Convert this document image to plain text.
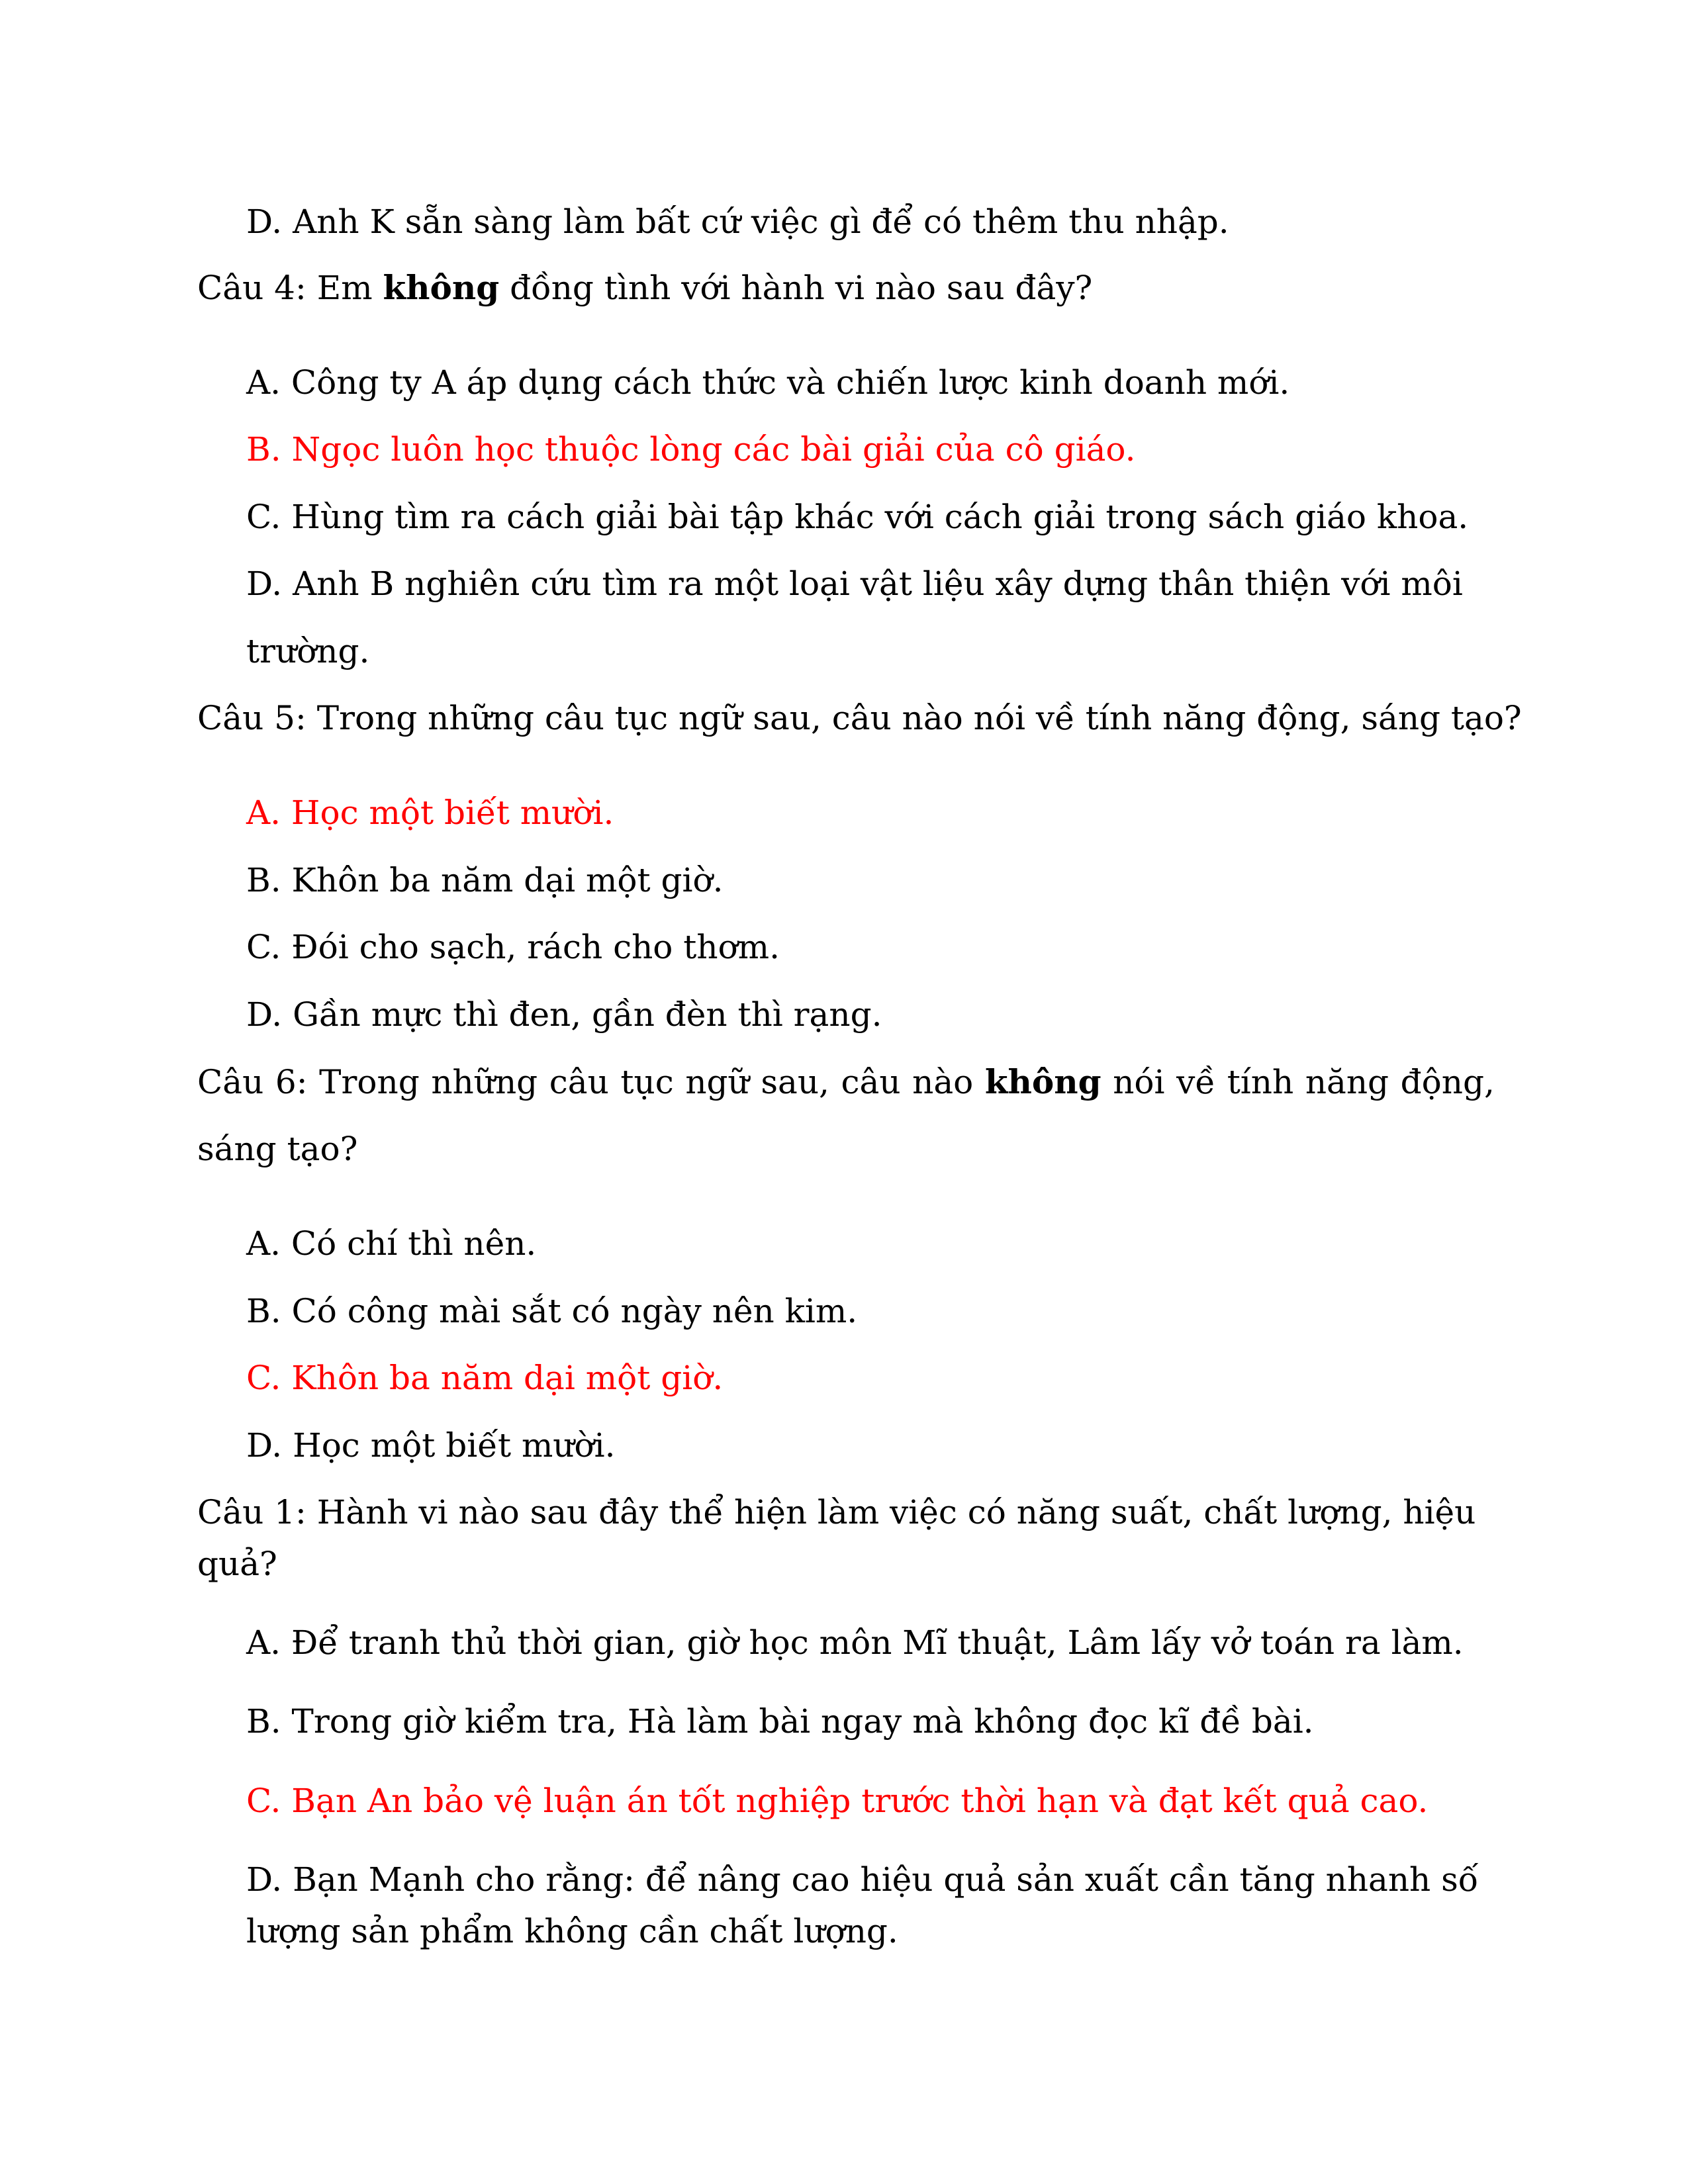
D. Anh K sẵn sàng làm bất cứ việc gì để có thêm thu nhập.
Câu 4: Em không đồng tình với hành vi nào sau đây?
A. Công ty A áp dụng cách thức và chiến lược kinh doanh mới.
B. Ngọc luôn học thuộc lòng các bài giải của cô giáo.
C. Hùng tìm ra cách giải bài tập khác với cách giải trong sách giáo khoa.
D. Anh B nghiên cứu tìm ra một loại vật liệu xây dựng thân thiện với môi
trường.
Câu 5: Trong những câu tục ngữ sau, câu nào nói về tính năng động, sáng tạo?
A. Học một biết mười.
B. Khôn ba năm dại một giờ.
C. Đói cho sạch, rách cho thơm.
D. Gần mực thì đen, gần đèn thì rạng.
Câu 6: Trong những câu tục ngữ sau, câu nào không nói về tính năng động,
sáng tạo?
A. Có chí thì nên.
B. Có công mài sắt có ngày nên kim.
C. Khôn ba năm dại một giờ.
D. Học một biết mười.
Câu 1: Hành vi nào sau đây thể hiện làm việc có năng suất, chất lượng, hiệu
quả?
A. Để tranh thủ thời gian, giờ học môn Mĩ thuật, Lâm lấy vở toán ra làm.
B. Trong giờ kiểm tra, Hà làm bài ngay mà không đọc kĩ đề bài.
C. Bạn An bảo vệ luận án tốt nghiệp trước thời hạn và đạt kết quả cao.
D. Bạn Mạnh cho rằng: để nâng cao hiệu quả sản xuất cần tăng nhanh số
lượng sản phẩm không cần chất lượng.
